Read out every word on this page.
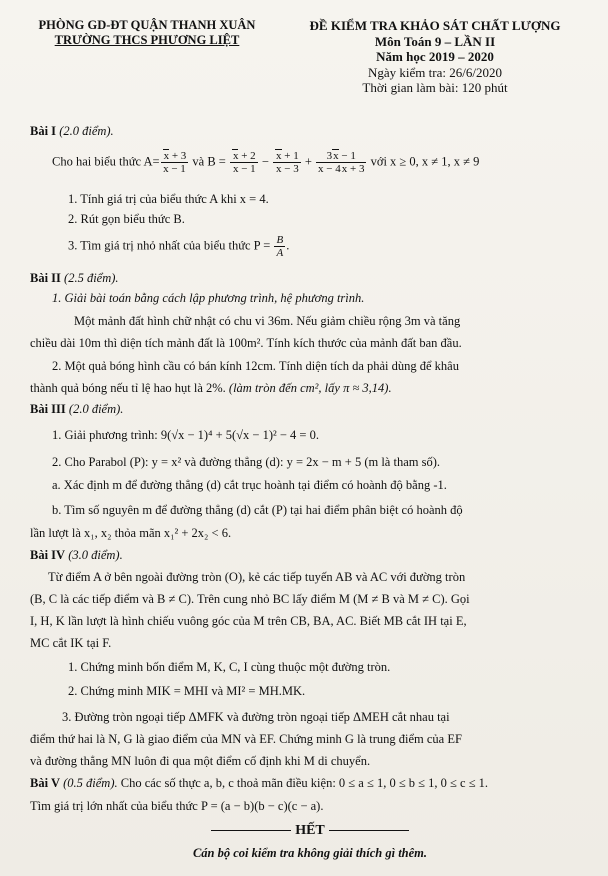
PHÒNG GD-ĐT QUẬN THANH XUÂN
TRƯỜNG THCS PHƯƠNG LIỆT
ĐỀ KIỂM TRA KHẢO SÁT CHẤT LƯỢNG
Môn Toán 9 – LẦN II
Năm học 2019 – 2020
Ngày kiểm tra: 26/6/2020
Thời gian làm bài: 120 phút
Bài I (2.0 điểm).
Cho hai biểu thức $A= \frac{x + 3}{x - 1}$ và $B = \frac{x + 2}{x - 1} - \frac{x + 1}{x - 3} + \frac{3x - 1}{x - 4x + 3}$ với x ≥ 0, x ≠ 1, x ≠ 9
1. Tính giá trị của biểu thức A khi x = 4.
2. Rút gọn biểu thức B.
3. Tìm giá trị nhỏ nhất của biểu thức $P = \frac{B}{A}$ .
Bài II (2.5 điểm).
1. Giải bài toán bằng cách lập phương trình, hệ phương trình.
Một mảnh đất hình chữ nhật có chu vi 36m. Nếu giảm chiều rộng 3m và tăng
chiều dài 10m thì diện tích mảnh đất là 100m². Tính kích thước của mảnh đất ban đầu.
2. Một quả bóng hình cầu có bán kính 12cm. Tính diện tích da phải dùng để khâu
thành quả bóng nếu tỉ lệ hao hụt là 2%. (làm tròn đến cm², lấy π ≈ 3,14).
Bài III (2.0 điểm).
1. Giải phương trình: 9(√x − 1)⁴ + 5(√x − 1)² − 4 = 0.
2. Cho Parabol (P): y = x² và đường thẳng (d): y = 2x − m + 5 (m là tham số).
a. Xác định m để đường thẳng (d) cắt trục hoành tại điểm có hoành độ bằng -1.
b. Tìm số nguyên m để đường thẳng (d) cắt (P) tại hai điểm phân biệt có hoành độ
lần lượt là x₁, x₂ thỏa mãn x₁² + 2x₂ < 6.
Bài IV (3.0 điểm).
Từ điểm A ở bên ngoài đường tròn (O), kẻ các tiếp tuyến AB và AC với đường tròn
(B, C là các tiếp điểm và B ≠ C). Trên cung nhỏ BC lấy điểm M (M ≠ B và M ≠ C). Gọi
I, H, K lần lượt là hình chiếu vuông góc của M trên CB, BA, AC. Biết MB cắt IH tại E,
MC cắt IK tại F.
1. Chứng minh bốn điểm M, K, C, I cùng thuộc một đường tròn.
2. Chứng minh MIK = MHI và MI² = MH.MK.
3. Đường tròn ngoại tiếp ΔMFK và đường tròn ngoại tiếp ΔMEH cắt nhau tại
điểm thứ hai là N, G là giao điểm của MN và EF. Chứng minh G là trung điểm của EF
và đường thẳng MN luôn đi qua một điểm cố định khi M di chuyển.
Bài V (0.5 điểm). Cho các số thực a, b, c thoả mãn điều kiện: 0 ≤ a ≤ 1, 0 ≤ b ≤ 1, 0 ≤ c ≤ 1.
Tìm giá trị lớn nhất của biểu thức P = (a − b)(b − c)(c − a).
HẾT
Cán bộ coi kiểm tra không giải thích gì thêm.
